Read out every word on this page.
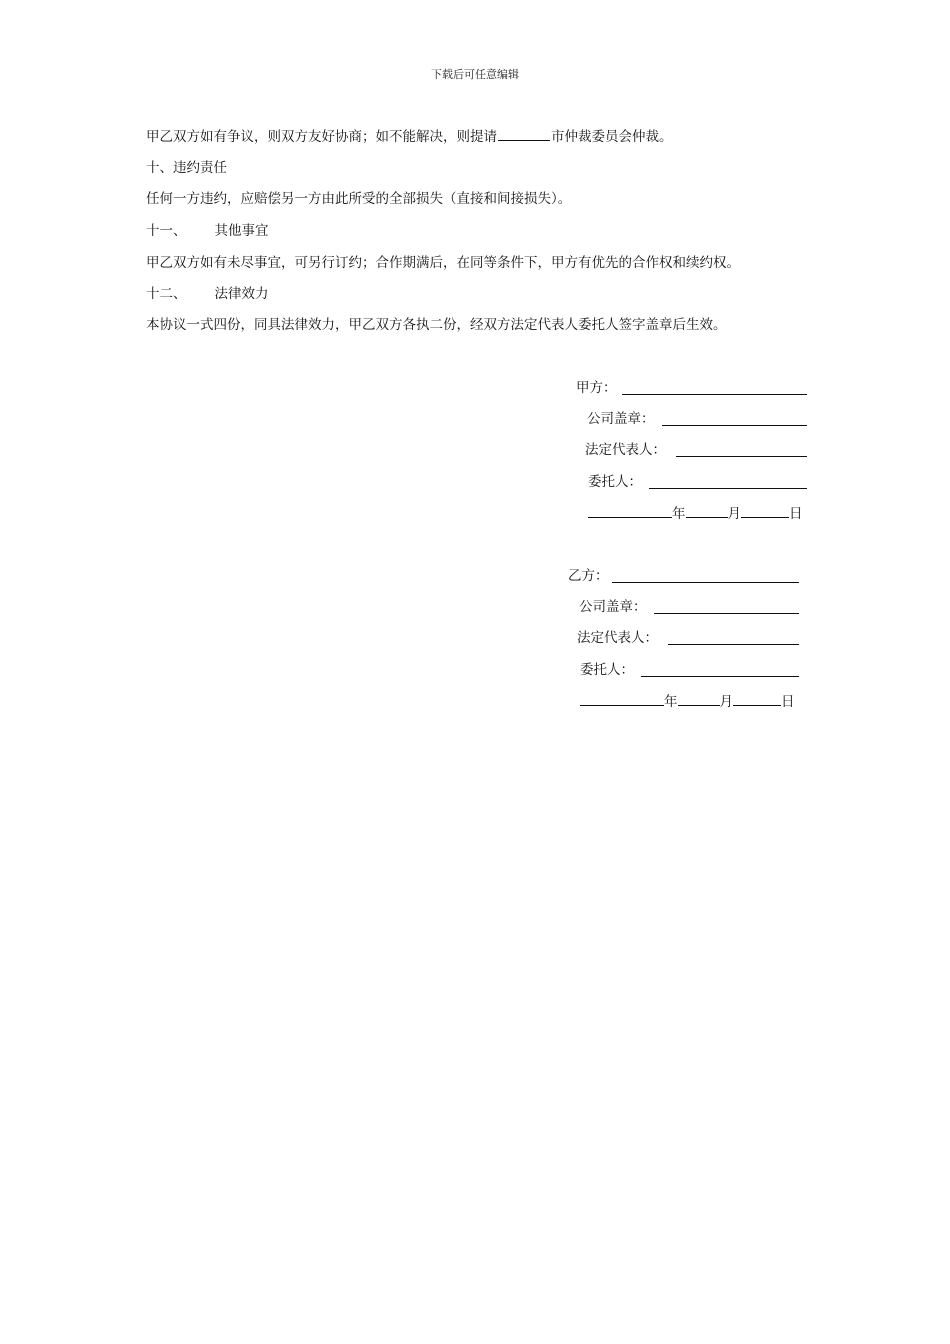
下载后可任意编辑
甲乙双方如有争议，则双方友好协商；如不能解决，则提请	市仲裁委员会仲裁。
十、违约责任
任何一方违约，应赔偿另一方由此所受的全部损失（直接和间接损失）。
十一、 其他事宜
甲乙双方如有未尽事宜，可另行订约；合作期满后，在同等条件下，甲方有优先的合作权和续约权。
十二、 法律效力
本协议一式四份，同具法律效力，甲乙双方各执二份，经双方法定代表人委托人签字盖章后生效。
甲方：
公司盖章：
法定代表人：
委托人：
年	月	日
乙方：
公司盖章：
法定代表人：
委托人：
年	月	日
